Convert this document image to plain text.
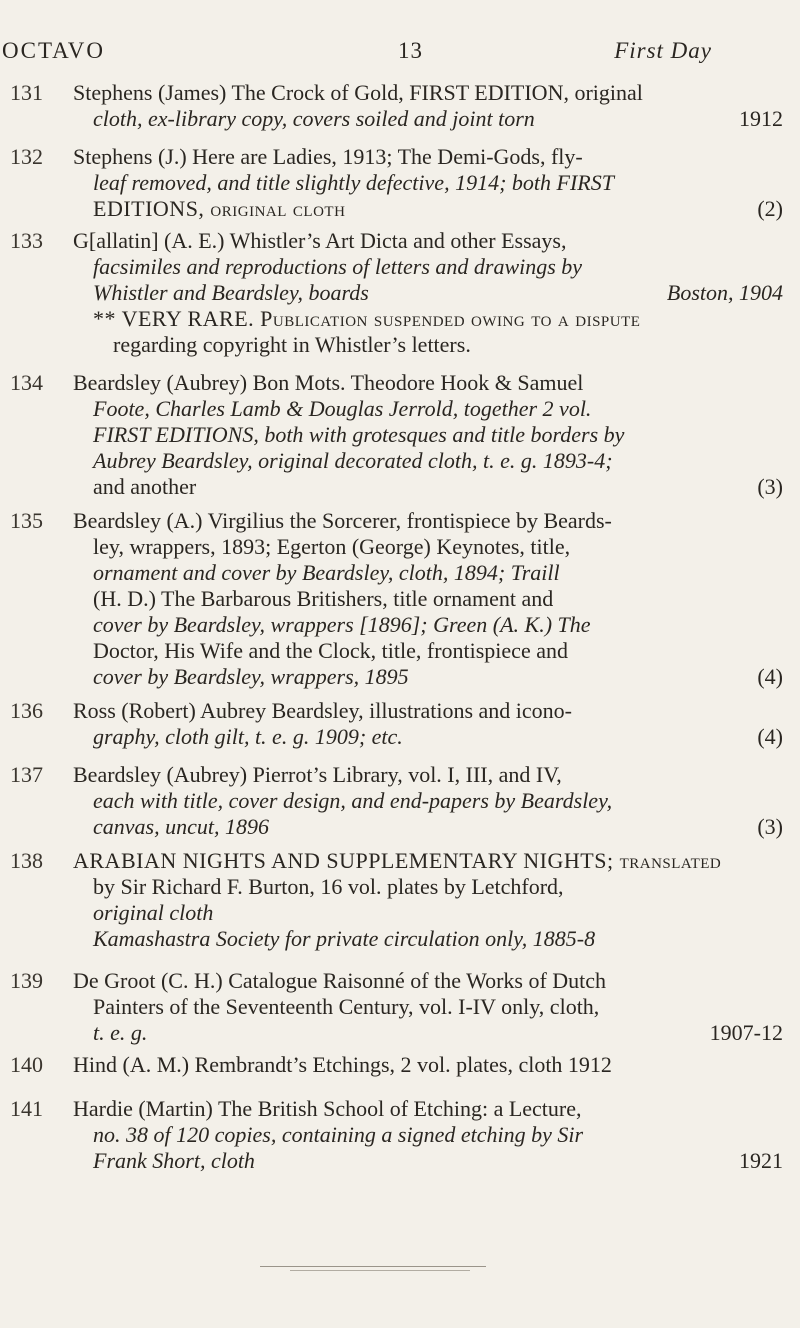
OCTAVO	13	First Day
131 Stephens (James) The Crock of Gold, FIRST EDITION, original
cloth, ex-library copy, covers soiled and joint torn	1912
132 Stephens (J.) Here are Ladies, 1913; The Demi-Gods, fly-
leaf removed, and title slightly defective, 1914; both FIRST
EDITIONS, original cloth	(2)
133 G[allatin] (A. E.) Whistler’s Art Dicta and other Essays,
facsimiles and reproductions of letters and drawings by
Whistler and Beardsley, boards	Boston, 1904
** VERY RARE. Publication suspended owing to a dispute
regarding copyright in Whistler’s letters.
134 Beardsley (Aubrey) Bon Mots. Theodore Hook & Samuel
Foote, Charles Lamb & Douglas Jerrold, together 2 vol.
FIRST EDITIONS, both with grotesques and title borders by
Aubrey Beardsley, original decorated cloth, t. e. g. 1893-4;
and another	(3)
135 Beardsley (A.) Virgilius the Sorcerer, frontispiece by Beards-
ley, wrappers, 1893; Egerton (George) Keynotes, title,
ornament and cover by Beardsley, cloth, 1894; Traill
(H. D.) The Barbarous Britishers, title ornament and
cover by Beardsley, wrappers [1896]; Green (A. K.) The
Doctor, His Wife and the Clock, title, frontispiece and
cover by Beardsley, wrappers, 1895	(4)
136 Ross (Robert) Aubrey Beardsley, illustrations and icono-
graphy, cloth gilt, t. e. g. 1909; etc.	(4)
137 Beardsley (Aubrey) Pierrot’s Library, vol. I, III, and IV,
each with title, cover design, and end-papers by Beardsley,
canvas, uncut, 1896	(3)
138 ARABIAN NIGHTS AND SUPPLEMENTARY NIGHTS; translated
by Sir Richard F. Burton, 16 vol. plates by Letchford,
original cloth
Kamashastra Society for private circulation only, 1885-8
139 De Groot (C. H.) Catalogue Raisonné of the Works of Dutch
Painters of the Seventeenth Century, vol. I-IV only, cloth,
t. e. g.	1907-12
140 Hind (A. M.) Rembrandt’s Etchings, 2 vol. plates, cloth 1912
141 Hardie (Martin) The British School of Etching: a Lecture,
no. 38 of 120 copies, containing a signed etching by Sir
Frank Short, cloth	1921
